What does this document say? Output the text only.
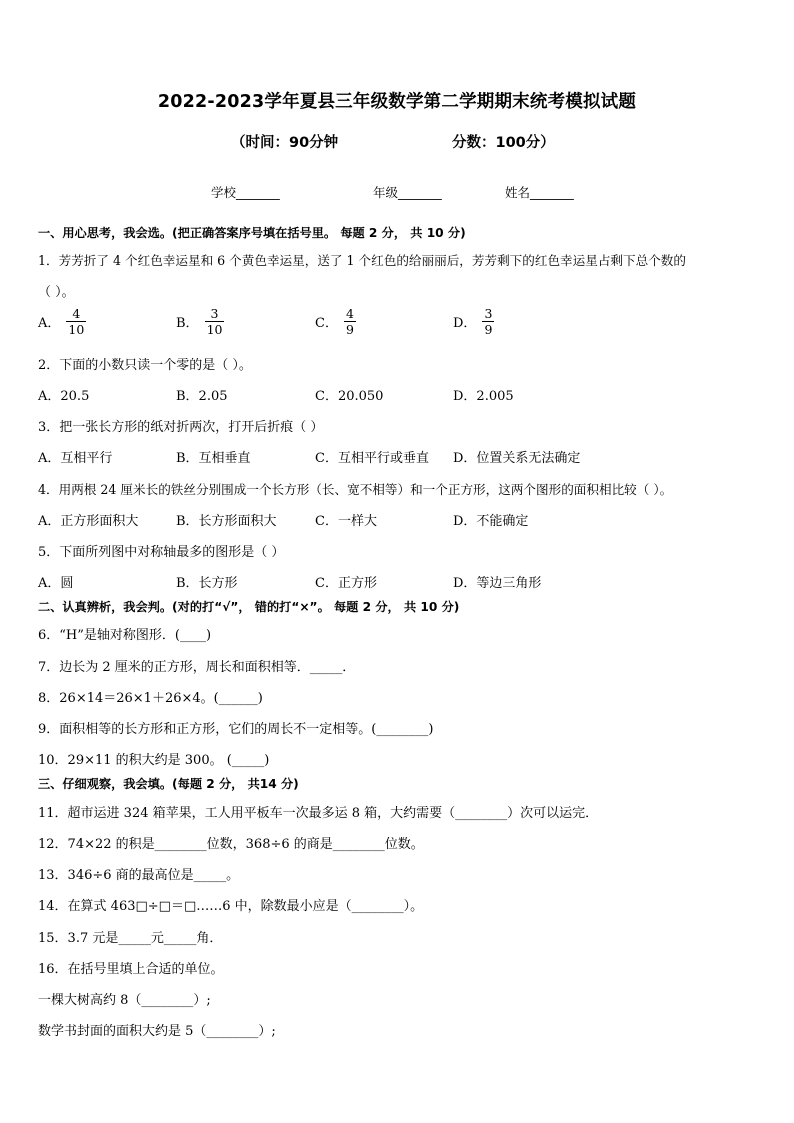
2022-2023学年夏县三年级数学第二学期期末统考模拟试题
（时间：90分钟	分数：100分）
学校_______	年级_______	姓名_______
一、用心思考，我会选。(把正确答案序号填在括号里。 每题 2 分， 共 10 分)
1．芳芳折了 4 个红色幸运星和 6 个黄色幸运星，送了 1 个红色的给丽丽后，芳芳剩下的红色幸运星占剩下总个数的
（ ）。
A． $\frac{4}{10}$	B． $\frac{3}{10}$	C． $\frac{4}{9}$	D． $\frac{3}{9}$
2．下面的小数只读一个零的是（ ）。
A．20.5	B．2.05	C．20.050	D．2.005
3．把一张长方形的纸对折两次，打开后折痕（ ）
A．互相平行	B．互相垂直	C．互相平行或垂直 D．位置关系无法确定
4．用两根 24 厘米长的铁丝分别围成一个长方形（长、宽不相等）和一个正方形，这两个图形的面积相比较（ ）。
A．正方形面积大	B．长方形面积大	C．一样大	D．不能确定
5．下面所列图中对称轴最多的图形是（ ）
A．圆	B．长方形	C．正方形	D．等边三角形
二、认真辨析，我会判。(对的打“√”， 错的打“×”。 每题 2 分， 共 10 分)
6．“H”是轴对称图形．(____)
7．边长为 2 厘米的正方形，周长和面积相等．_____．
8．26×14＝26×1＋26×4。(______)
9．面积相等的长方形和正方形，它们的周长不一定相等。(________)
10．29×11 的积大约是 300。 (_____)
三、仔细观察，我会填。(每题 2 分， 共14 分)
11．超市运进 324 箱苹果，工人用平板车一次最多运 8 箱，大约需要（________）次可以运完．
12．74×22 的积是________位数，368÷6 的商是________位数。
13．346÷6 商的最高位是_____。
14．在算式 463□÷□＝□……6 中，除数最小应是（________）。
15．3.7 元是_____元_____角．
16．在括号里填上合适的单位。
一棵大树高约 8（________）;
数学书封面的面积大约是 5（________）;
